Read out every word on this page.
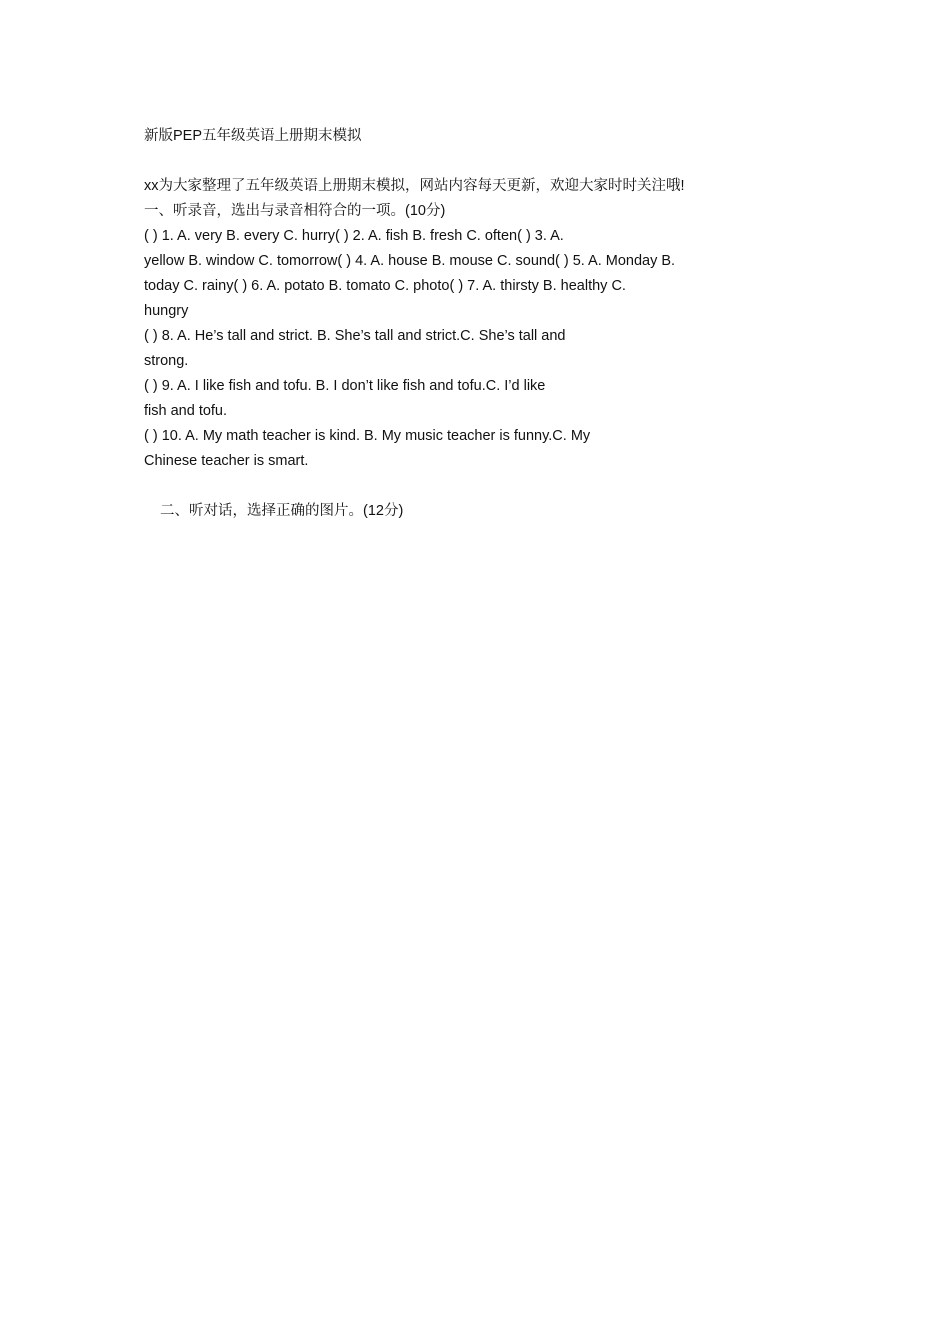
新版PEP五年级英语上册期末模拟
xx为大家整理了五年级英语上册期末模拟，网站内容每天更新，欢迎大家时时关注哦!
一、听录音，选出与录音相符合的一项。(10分)
( ) 1. A. very B. every C. hurry( ) 2. A. fish B. fresh C. often( ) 3. A.
yellow B. window C. tomorrow( ) 4. A. house B. mouse C. sound( ) 5. A. Monday B.
today C. rainy( ) 6. A. potato B. tomato C. photo( ) 7. A. thirsty B. healthy C.
hungry
( ) 8. A. He’s tall and strict. B. She’s tall and strict.C. She’s tall and
strong.
( ) 9. A. I like fish and tofu. B. I don’t like fish and tofu.C. I’d like
fish and tofu.
( ) 10. A. My math teacher is kind. B. My music teacher is funny.C. My
Chinese teacher is smart.
二、听对话，选择正确的图片。(12分)
